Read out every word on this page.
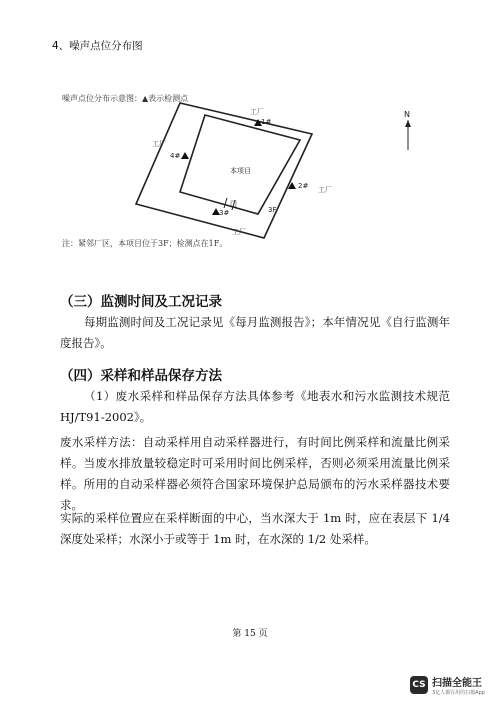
4、噪声点位分布图
1#
2#
3#
4#
本项目
工厂
工厂
工厂
工厂
门
3F
N
噪声点位分布示意图：▲表示检测点
注：紧邻厂区，本项目位于3F；检测点在1F。
（三）监测时间及工况记录
每期监测时间及工况记录见《每月监测报告》；本年情况见《自行监测年度报告》。
（四）采样和样品保存方法
（1）废水采样和样品保存方法具体参考《地表水和污水监测技术规范HJ/T91-2002》。
废水采样方法：自动采样用自动采样器进行，有时间比例采样和流量比例采样。当废水排放量较稳定时可采用时间比例采样，否则必须采用流量比例采样。所用的自动采样器必须符合国家环境保护总局颁布的污水采样器技术要求。
实际的采样位置应在采样断面的中心，当水深大于 1m 时，应在表层下 1/4 深度处采样；水深小于或等于 1m 时，在水深的 1/2 处采样。
第 15 页
CS 扫描全能王
3亿人都在用的扫描App
